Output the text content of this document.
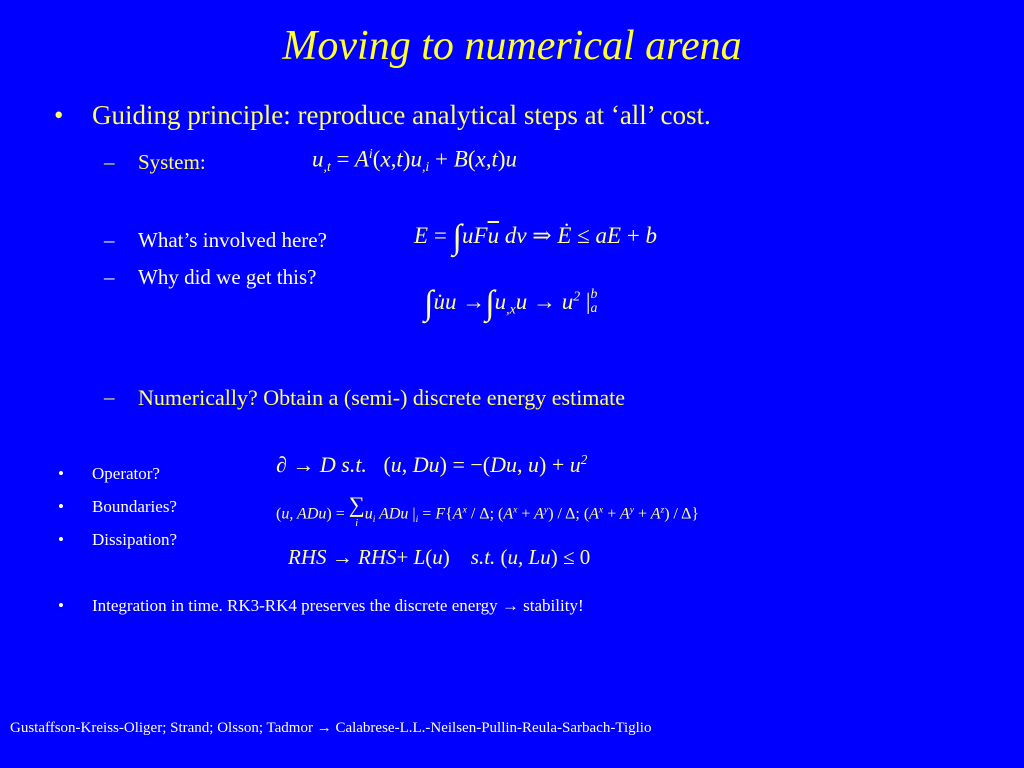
Moving to numerical arena
• Guiding principle: reproduce analytical steps at ‘all’ cost.
– System:
– What’s involved here?
– Why did we get this?
– Numerically? Obtain a (semi-) discrete energy estimate
• Operator?
• Boundaries?
• Dissipation?
• Integration in time. RK3-RK4 preserves the discrete energy → stability!
$u_{,t} = A^i(x,t)u_{,i} + B(x,t)u$
$E = \int uF\overline{u}$ dv ⇒ Ė ≤ aE + b
∫u̇u $\to\int u_{,x}u \to u^2$ |b
a
∂ → D s.t.   (u, Du) = −(Du, $u) + u^2$
(u, ADu) = ∑
$iu_i$ ADu $|_i = F\{A^x / \Delta$; $(A^x + A^y) / \Delta$; $(A^x + A^y + A^z) / \Delta$}
RHS → RHS+ L(u)    s.t. (u, Lu) ≤ 0
Gustaffson-Kreiss-Oliger; Strand; Olsson; Tadmor → Calabrese-L.L.-Neilsen-Pullin-Reula-Sarbach-Tiglio
